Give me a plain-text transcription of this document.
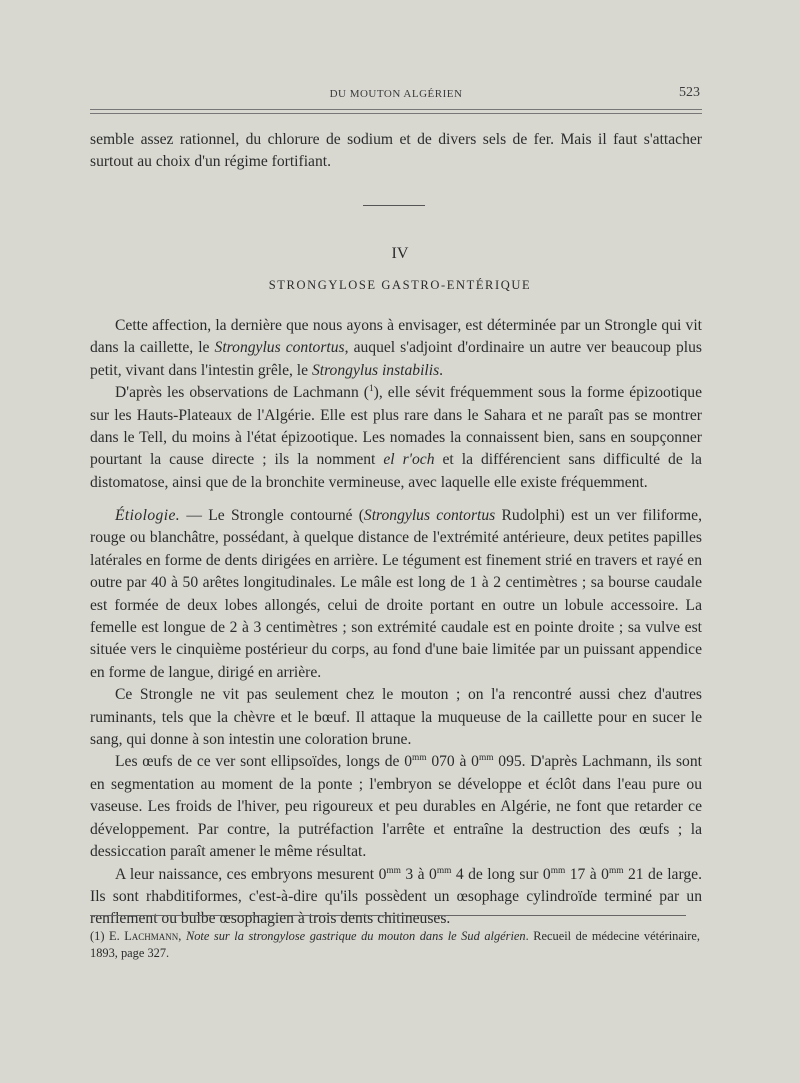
DU MOUTON ALGÉRIEN	523

semble assez rationnel, du chlorure de sodium et de divers sels de fer. Mais il faut s'attacher surtout au choix d'un régime fortifiant.

IV
STRONGYLOSE GASTRO-ENTÉRIQUE

Cette affection, la dernière que nous ayons à envisager, est déterminée par un Strongle qui vit dans la caillette, le Strongylus contortus, auquel s'adjoint d'ordinaire un autre ver beaucoup plus petit, vivant dans l'intestin grêle, le Strongylus instabilis.

D'après les observations de Lachmann ($^1$), elle sévit fréquemment sous la forme épizootique sur les Hauts-Plateaux de l'Algérie. Elle est plus rare dans le Sahara et ne paraît pas se montrer dans le Tell, du moins à l'état épizootique. Les nomades la connaissent bien, sans en soupçonner pourtant la cause directe ; ils la nomment el r'och et la différencient sans difficulté de la distomatose, ainsi que de la bronchite vermineuse, avec laquelle elle existe fréquemment.

Étiologie. — Le Strongle contourné (Strongylus contortus Rudolphi) est un ver filiforme, rouge ou blanchâtre, possédant, à quelque distance de l'extrémité antérieure, deux petites papilles latérales en forme de dents dirigées en arrière. Le tégument est finement strié en travers et rayé en outre par 40 à 50 arêtes longitudinales. Le mâle est long de 1 à 2 centimètres ; sa bourse caudale est formée de deux lobes allongés, celui de droite portant en outre un lobule accessoire. La femelle est longue de 2 à 3 centimètres ; son extrémité caudale est en pointe droite ; sa vulve est située vers le cinquième postérieur du corps, au fond d'une baie limitée par un puissant appendice en forme de langue, dirigé en arrière.

Ce Strongle ne vit pas seulement chez le mouton ; on l'a rencontré aussi chez d'autres ruminants, tels que la chèvre et le bœuf. Il attaque la muqueuse de la caillette pour en sucer le sang, qui donne à son intestin une coloration brune.

Les œufs de ce ver sont ellipsoïdes, longs de $0^{mm}$ 070 à $0^{mm}$ 095. D'après Lachmann, ils sont en segmentation au moment de la ponte ; l'embryon se développe et éclôt dans l'eau pure ou vaseuse. Les froids de l'hiver, peu rigoureux et peu durables en Algérie, ne font que retarder ce développement. Par contre, la putréfaction l'arrête et entraîne la destruction des œufs ; la dessiccation paraît amener le même résultat.

A leur naissance, ces embryons mesurent $0^{mm}$ 3 à $0^{mm}$ 4 de long sur $0^{mm}$ 17 à $0^{mm}$ 21 de large. Ils sont rhabditiformes, c'est-à-dire qu'ils possèdent un œsophage cylindroïde terminé par un renflement ou bulbe œsophagien à trois dents chitineuses.

(1) E. Lachmann, Note sur la strongylose gastrique du mouton dans le Sud algérien. Recueil de médecine vétérinaire, 1893, page 327.
